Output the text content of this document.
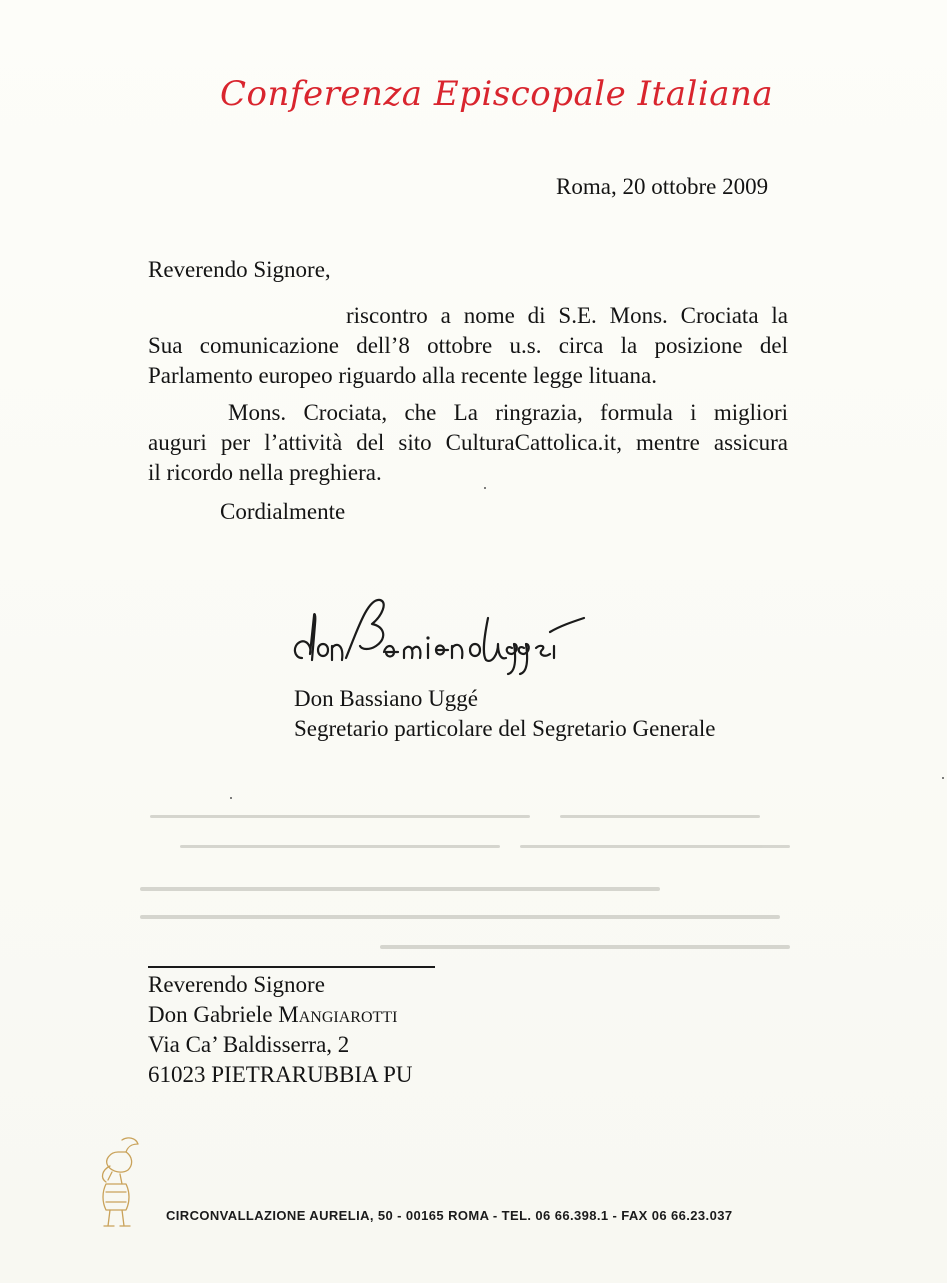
Conferenza Episcopale Italiana
Roma, 20 ottobre 2009
Reverendo Signore,
riscontro a nome di S.E. Mons. Crociata la
Sua comunicazione dell’8 ottobre u.s. circa la posizione del
Parlamento europeo riguardo alla recente legge lituana.
Mons. Crociata, che La ringrazia, formula i migliori
auguri per l’attività del sito CulturaCattolica.it, mentre assicura
il ricordo nella preghiera.
Cordialmente
Don Bassiano Uggé
Segretario particolare del Segretario Generale
Reverendo Signore
Don Gabriele Mangiarotti
Via Ca’ Baldisserra, 2
61023 PIETRARUBBIA PU
CIRCONVALLAZIONE AURELIA, 50 - 00165 ROMA - TEL. 06 66.398.1 - FAX 06 66.23.037
